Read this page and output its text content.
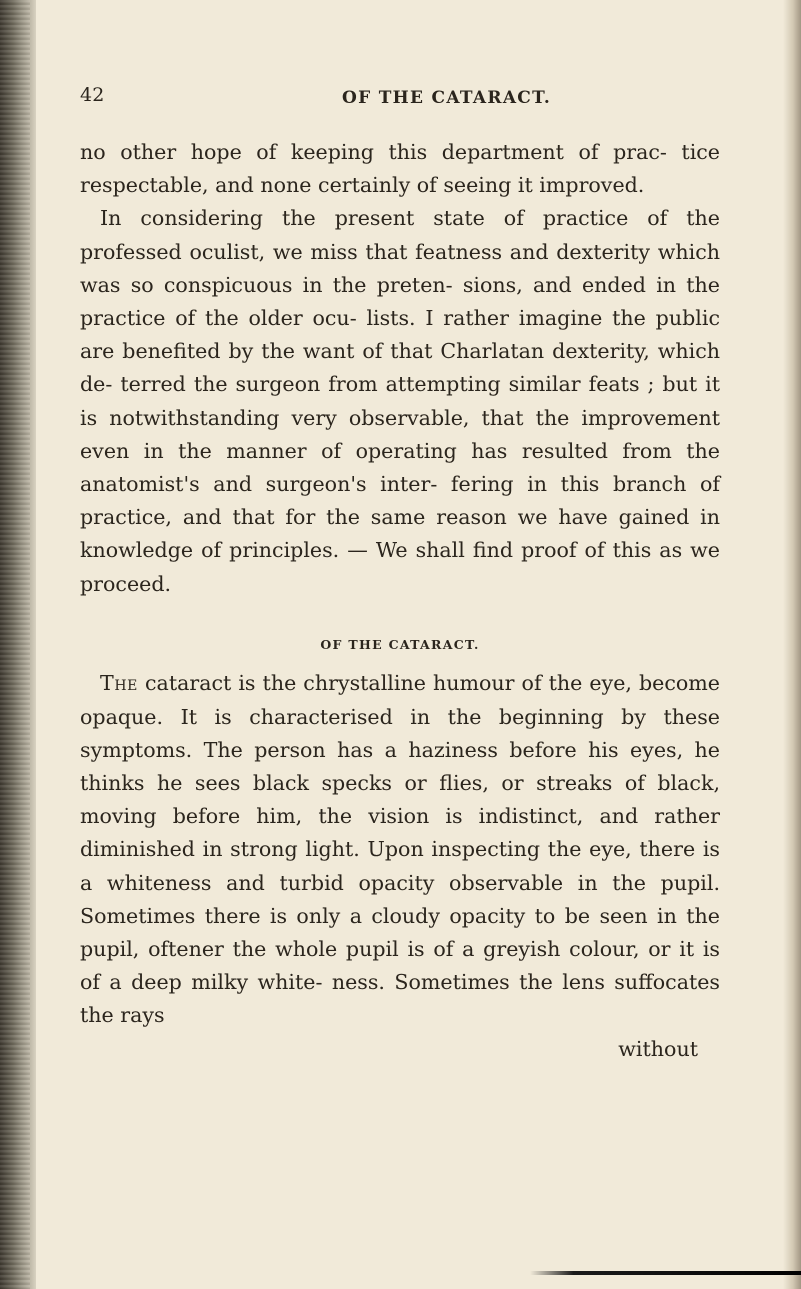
42	OF THE CATARACT.

no other hope of keeping this department of prac- tice respectable, and none certainly of seeing it improved.

In considering the present state of practice of the professed oculist, we miss that featness and dexterity which was so conspicuous in the preten- sions, and ended in the practice of the older ocu- lists. I rather imagine the public are benefited by the want of that Charlatan dexterity, which de- terred the surgeon from attempting similar feats ; but it is notwithstanding very observable, that the improvement even in the manner of operating has resulted from the anatomist's and surgeon's inter- fering in this branch of practice, and that for the same reason we have gained in knowledge of principles. — We shall find proof of this as we proceed.

OF THE CATARACT.

The cataract is the chrystalline humour of the eye, become opaque. It is characterised in the beginning by these symptoms. The person has a haziness before his eyes, he thinks he sees black specks or flies, or streaks of black, moving before him, the vision is indistinct, and rather diminished in strong light. Upon inspecting the eye, there is a whiteness and turbid opacity observable in the pupil. Sometimes there is only a cloudy opacity to be seen in the pupil, oftener the whole pupil is of a greyish colour, or it is of a deep milky white- ness. Sometimes the lens suffocates the rays

without
